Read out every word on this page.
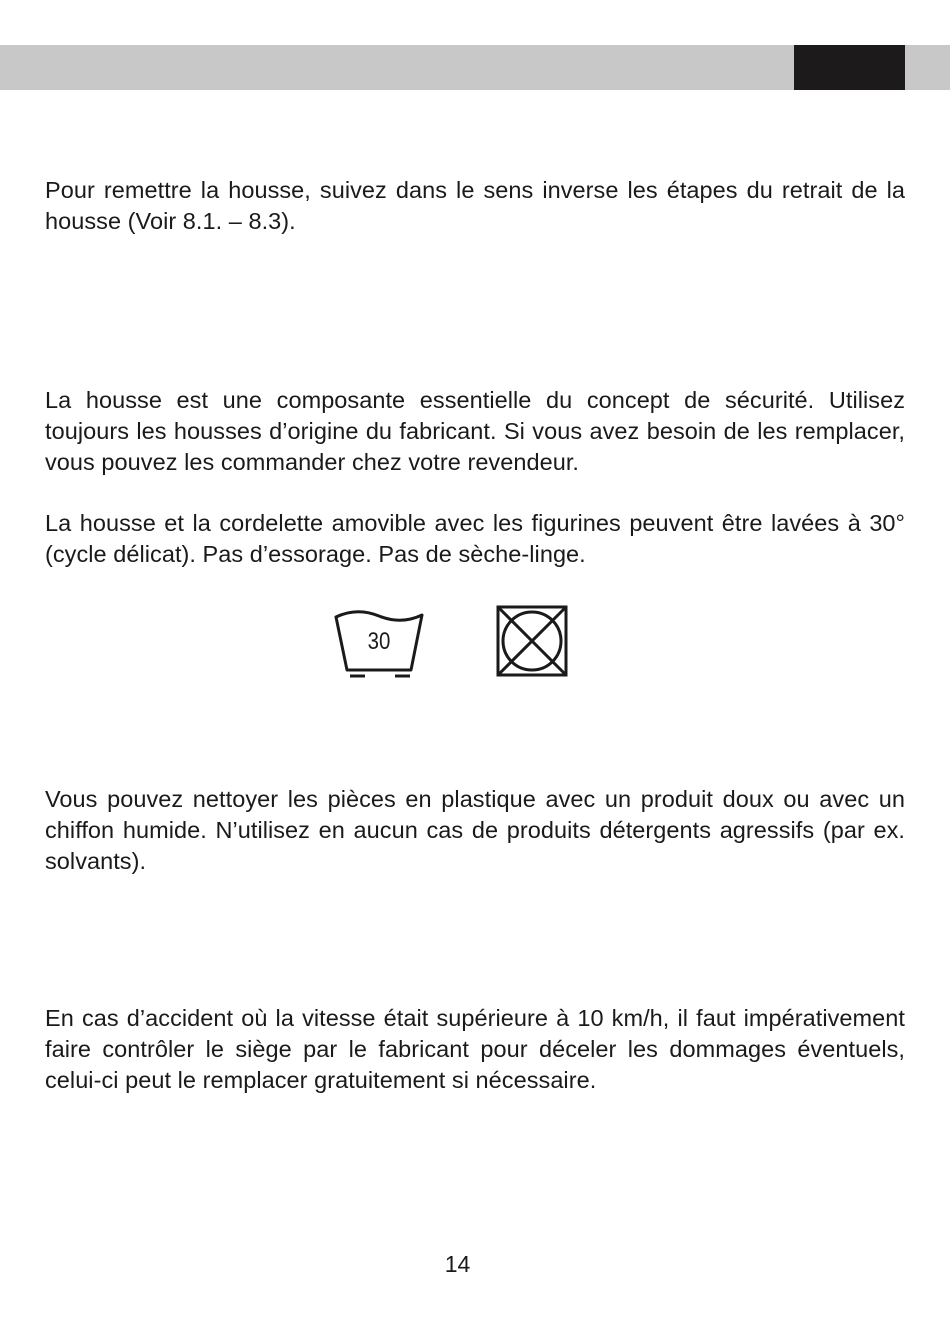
Pour remettre la housse, suivez dans le sens inverse les étapes du retrait de la housse (Voir 8.1. – 8.3).

La housse est une composante essentielle du concept de sécurité. Utilisez toujours les housses d’origine du fabricant. Si vous avez besoin de les remplacer, vous pouvez les commander chez votre revendeur.

La housse et la cordelette amovible avec les figurines peuvent être lavées à 30° (cycle délicat). Pas d’essorage. Pas de sèche-linge.

30

Vous pouvez nettoyer les pièces en plastique avec un produit doux ou avec un chiffon humide. N’utilisez en aucun cas de produits détergents agressifs (par ex. solvants).

En cas d’accident où la vitesse était supérieure à 10 km/h, il faut impérativement faire contrôler le siège par le fabricant pour déceler les dommages éventuels, celui-ci peut le remplacer gratuitement si nécessaire.

14
